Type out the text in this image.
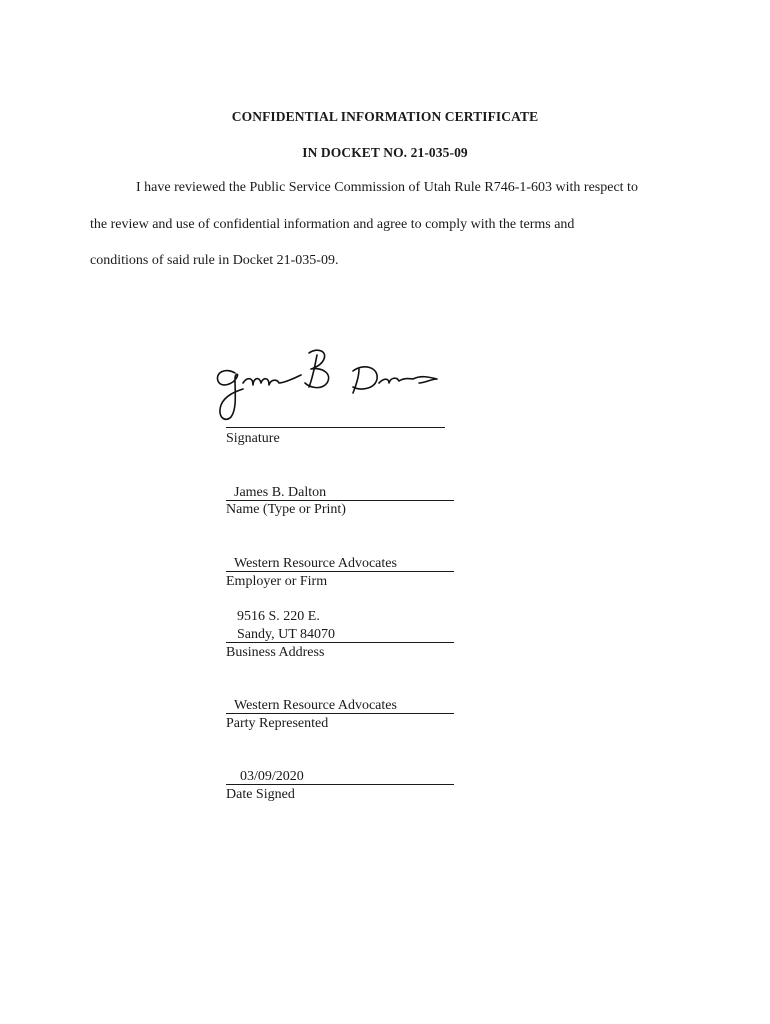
CONFIDENTIAL INFORMATION CERTIFICATE
IN DOCKET NO. 21-035-09
I have reviewed the Public Service Commission of Utah Rule R746-1-603 with respect to
the review and use of confidential information and agree to comply with the terms and
conditions of said rule in Docket 21-035-09.
Signature
James B. Dalton
Name (Type or Print)
Western Resource Advocates
Employer or Firm
9516 S. 220 E.
Sandy, UT 84070
Business Address
Western Resource Advocates
Party Represented
03/09/2020
Date Signed
